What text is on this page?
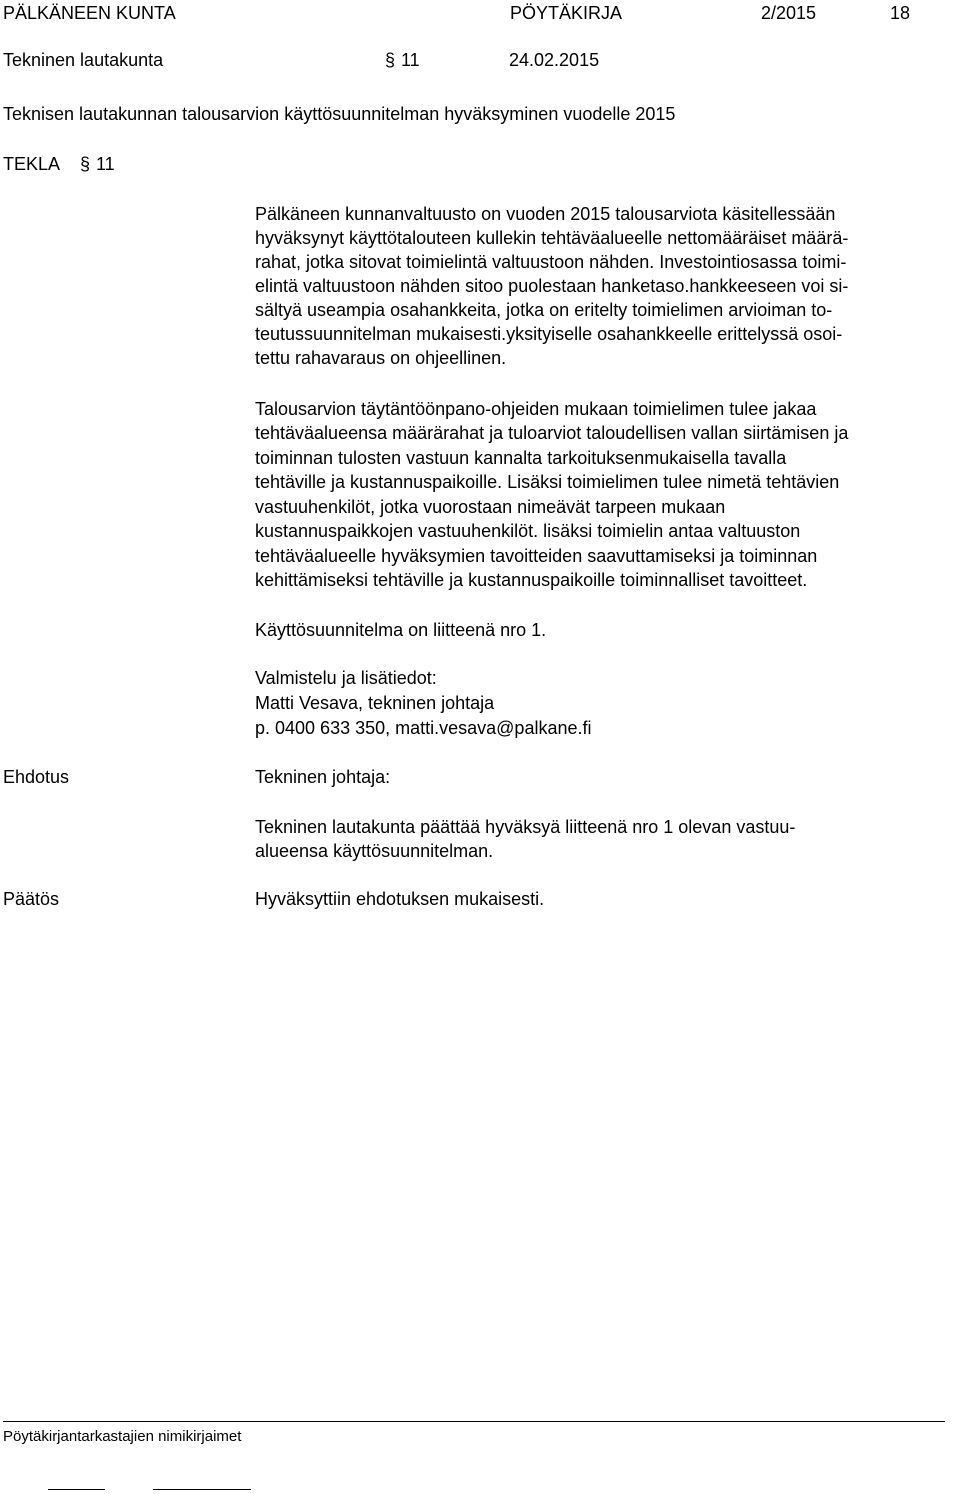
PÄLKÄNEEN KUNTA	PÖYTÄKIRJA	2/2015	18
Tekninen lautakunta	§ 11	24.02.2015
Teknisen lautakunnan talousarvion käyttösuunnitelman hyväksyminen vuodelle 2015
TEKLA § 11
Pälkäneen kunnanvaltuusto on vuoden 2015 talousarviota käsitellessään
hyväksynyt käyttötalouteen kullekin tehtäväalueelle nettomääräiset määrä-
rahat, jotka sitovat toimielintä valtuustoon nähden. Investointiosassa toimi-
elintä valtuustoon nähden sitoo puolestaan hanketaso.hankkeeseen voi si-
sältyä useampia osahankkeita, jotka on eritelty toimielimen arvioiman to-
teutussuunnitelman mukaisesti.yksityiselle osahankkeelle erittelyssä osoi-
tettu rahavaraus on ohjeellinen.
Talousarvion täytäntöönpano-ohjeiden mukaan toimielimen tulee jakaa
tehtäväalueensa määrärahat ja tuloarviot taloudellisen vallan siirtämisen ja
toiminnan tulosten vastuun kannalta tarkoituksenmukaisella tavalla
tehtäville ja kustannuspaikoille. Lisäksi toimielimen tulee nimetä tehtävien
vastuuhenkilöt, jotka vuorostaan nimeävät tarpeen mukaan
kustannuspaikkojen vastuuhenkilöt. lisäksi toimielin antaa valtuuston
tehtäväalueelle hyväksymien tavoitteiden saavuttamiseksi ja toiminnan
kehittämiseksi tehtäville ja kustannuspaikoille toiminnalliset tavoitteet.
Käyttösuunnitelma on liitteenä nro 1.
Valmistelu ja lisätiedot:
Matti Vesava, tekninen johtaja
p. 0400 633 350, matti.vesava@palkane.fi
Ehdotus	Tekninen johtaja:
Tekninen lautakunta päättää hyväksyä liitteenä nro 1 olevan vastuu-
alueensa käyttösuunnitelman.
Päätös	Hyväksyttiin ehdotuksen mukaisesti.
Pöytäkirjantarkastajien nimikirjaimet
